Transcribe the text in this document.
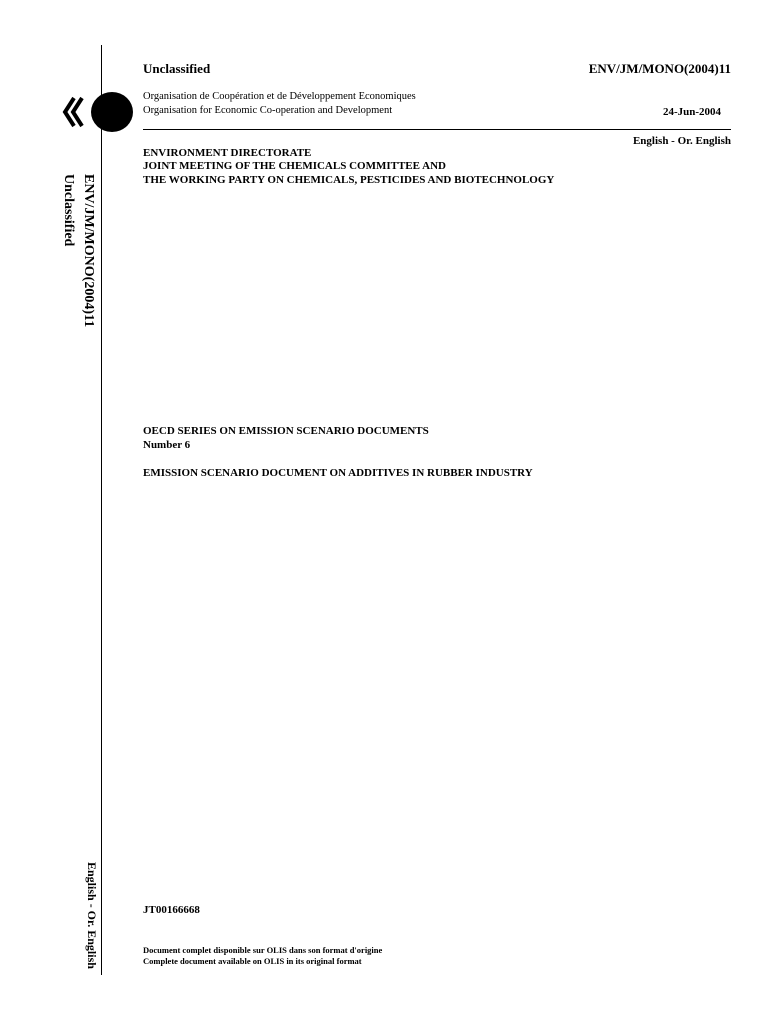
ENV/JM/MONO(2004)11
Unclassified
English - Or. English
Unclassified	ENV/JM/MONO(2004)11
Organisation de Coopération et de Développement Economiques
Organisation for Economic Co-operation and Development	24-Jun-2004
English - Or. English
ENVIRONMENT DIRECTORATE
JOINT MEETING OF THE CHEMICALS COMMITTEE AND
THE WORKING PARTY ON CHEMICALS, PESTICIDES AND BIOTECHNOLOGY
OECD SERIES ON EMISSION SCENARIO DOCUMENTS
Number 6
EMISSION SCENARIO DOCUMENT ON ADDITIVES IN RUBBER INDUSTRY
JT00166668
Document complet disponible sur OLIS dans son format d'origine
Complete document available on OLIS in its original format
